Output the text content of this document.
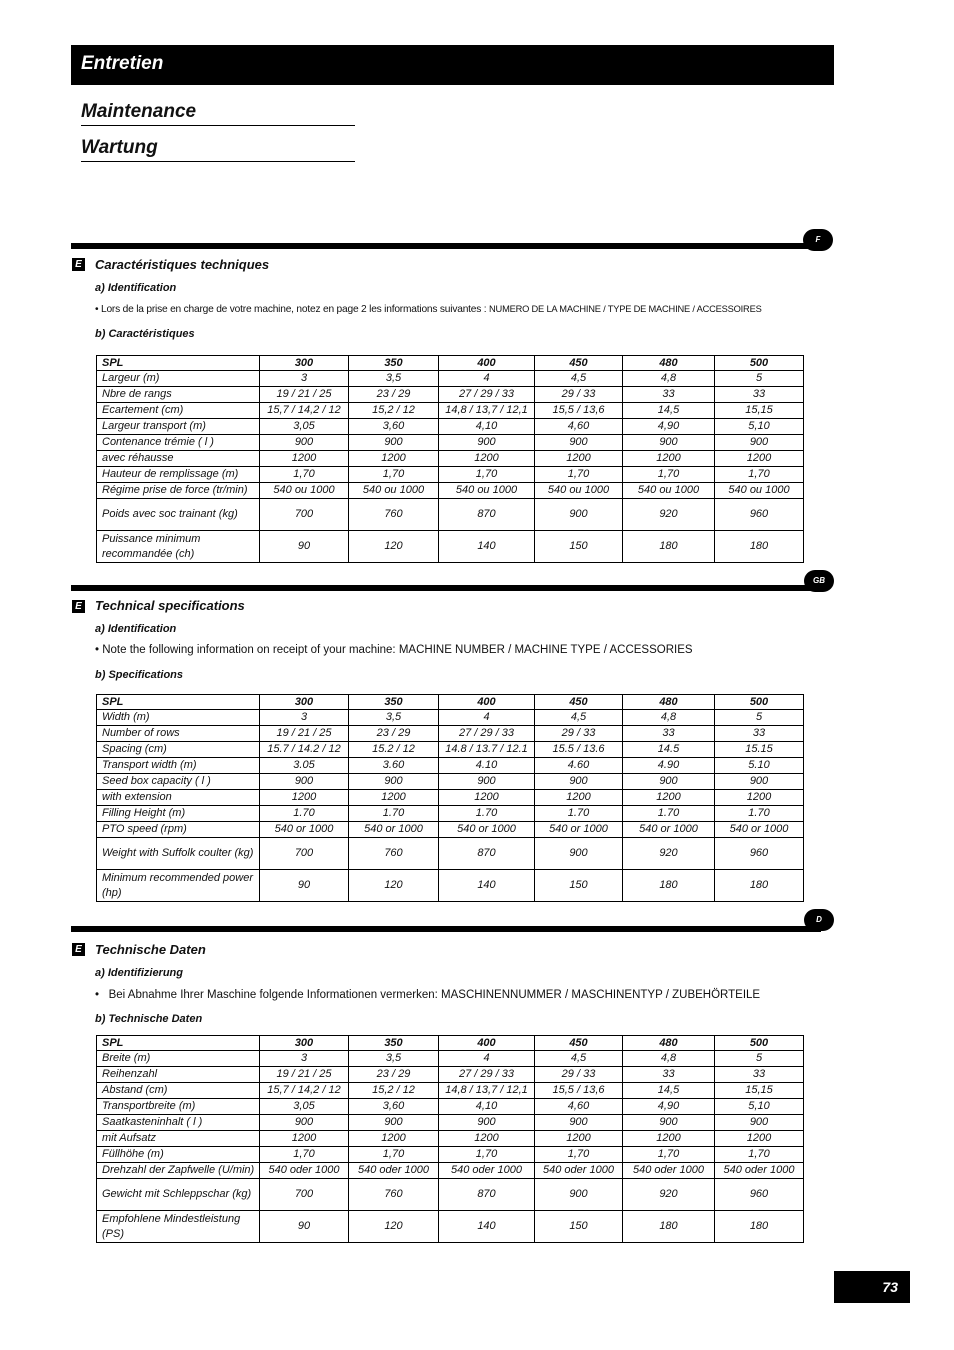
Entretien
Maintenance
Wartung
F
E Caractéristiques techniques
a) Identification
• Lors de la prise en charge de votre machine, notez en page 2 les informations suivantes : NUMERO DE LA MACHINE / TYPE DE MACHINE / ACCESSOIRES
b) Caractéristiques
SPL	300	350	400	450	480	500
Largeur (m)	3	3,5	4	4,5	4,8	5
Nbre de rangs	19 / 21 / 25	23 / 29	27 / 29 / 33	29 / 33	33	33
Ecartement (cm)	15,7 / 14,2 / 12	15,2 / 12	14,8 / 13,7 / 12,1	15,5 / 13,6	14,5	15,15
Largeur transport (m)	3,05	3,60	4,10	4,60	4,90	5,10
Contenance trémie ( l )	900	900	900	900	900	900
avec réhausse	1200	1200	1200	1200	1200	1200
Hauteur de remplissage (m)	1,70	1,70	1,70	1,70	1,70	1,70
Régime prise de force (tr/min)	540 ou 1000	540 ou 1000	540 ou 1000	540 ou 1000	540 ou 1000	540 ou 1000
Poids avec soc trainant (kg)	700	760	870	900	920	960
Puissance minimum recommandée (ch)	90	120	140	150	180	180
GB
E Technical specifications
a) Identification
• Note the following information on receipt of your machine: MACHINE NUMBER / MACHINE TYPE / ACCESSORIES
b) Specifications
SPL	300	350	400	450	480	500
Width (m)	3	3,5	4	4,5	4,8	5
Number of rows	19 / 21 / 25	23 / 29	27 / 29 / 33	29 / 33	33	33
Spacing (cm)	15.7 / 14.2 / 12	15.2 / 12	14.8 / 13.7 / 12.1	15.5 / 13.6	14.5	15.15
Transport width (m)	3.05	3.60	4.10	4.60	4.90	5.10
Seed box capacity ( l )	900	900	900	900	900	900
with extension	1200	1200	1200	1200	1200	1200
Filling Height (m)	1.70	1.70	1.70	1.70	1.70	1.70
PTO speed (rpm)	540 or 1000	540 or 1000	540 or 1000	540 or 1000	540 or 1000	540 or 1000
Weight with Suffolk coulter (kg)	700	760	870	900	920	960
Minimum recommended power (hp)	90	120	140	150	180	180
D
E Technische Daten
a) Identifizierung
•   Bei Abnahme Ihrer Maschine folgende Informationen vermerken: MASCHINENNUMMER / MASCHINENTYP / ZUBEHÖRTEILE
b) Technische Daten
SPL	300	350	400	450	480	500
Breite (m)	3	3,5	4	4,5	4,8	5
Reihenzahl	19 / 21 / 25	23 / 29	27 / 29 / 33	29 / 33	33	33
Abstand (cm)	15,7 / 14,2 / 12	15,2 / 12	14,8 / 13,7 / 12,1	15,5 / 13,6	14,5	15,15
Transportbreite (m)	3,05	3,60	4,10	4,60	4,90	5,10
Saatkasteninhalt ( l )	900	900	900	900	900	900
mit Aufsatz	1200	1200	1200	1200	1200	1200
Füllhöhe (m)	1,70	1,70	1,70	1,70	1,70	1,70
Drehzahl der Zapfwelle (U/min)	540 oder 1000	540 oder 1000	540 oder 1000	540 oder 1000	540 oder 1000	540 oder 1000
Gewicht mit Schleppschar (kg)	700	760	870	900	920	960
Empfohlene Mindestleistung (PS)	90	120	140	150	180	180
73
